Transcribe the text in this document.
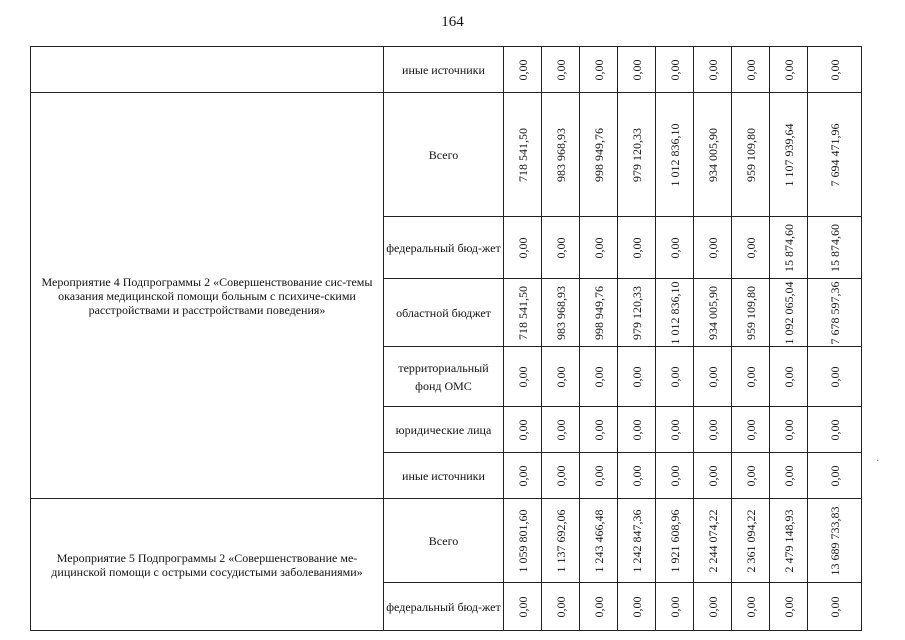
164
	иные источники	0,00	0,00	0,00	0,00	0,00	0,00	0,00	0,00	0,00

Мероприятие 4 Подпрограммы 2 «Совершенствование сис-темы оказания медицинской помощи больным с психиче-скими расстройствами и расстройствами поведения»	Всего	718 541,50	983 968,93	998 949,76	979 120,33	1 012 836,10	934 005,90	959 109,80	1 107 939,64	7 694 471,96

	федеральный бюд-жет	0,00	0,00	0,00	0,00	0,00	0,00	0,00	15 874,60	15 874,60

	областной бюджет	718 541,50	983 968,93	998 949,76	979 120,33	1 012 836,10	934 005,90	959 109,80	1 092 065,04	7 678 597,36

	территориальный фонд ОМС	0,00	0,00	0,00	0,00	0,00	0,00	0,00	0,00	0,00

	юридические лица	0,00	0,00	0,00	0,00	0,00	0,00	0,00	0,00	0,00

	иные источники	0,00	0,00	0,00	0,00	0,00	0,00	0,00	0,00	0,00

Мероприятие 5 Подпрограммы 2 «Совершенствование ме-дицинской помощи с острыми сосудистыми заболеваниями»	Всего	1 059 801,60	1 137 692,06	1 243 466,48	1 242 847,36	1 921 608,96	2 244 074,22	2 361 094,22	2 479 148,93	13 689 733,83

	федеральный бюд-жет	0,00	0,00	0,00	0,00	0,00	0,00	0,00	0,00	0,00
·
